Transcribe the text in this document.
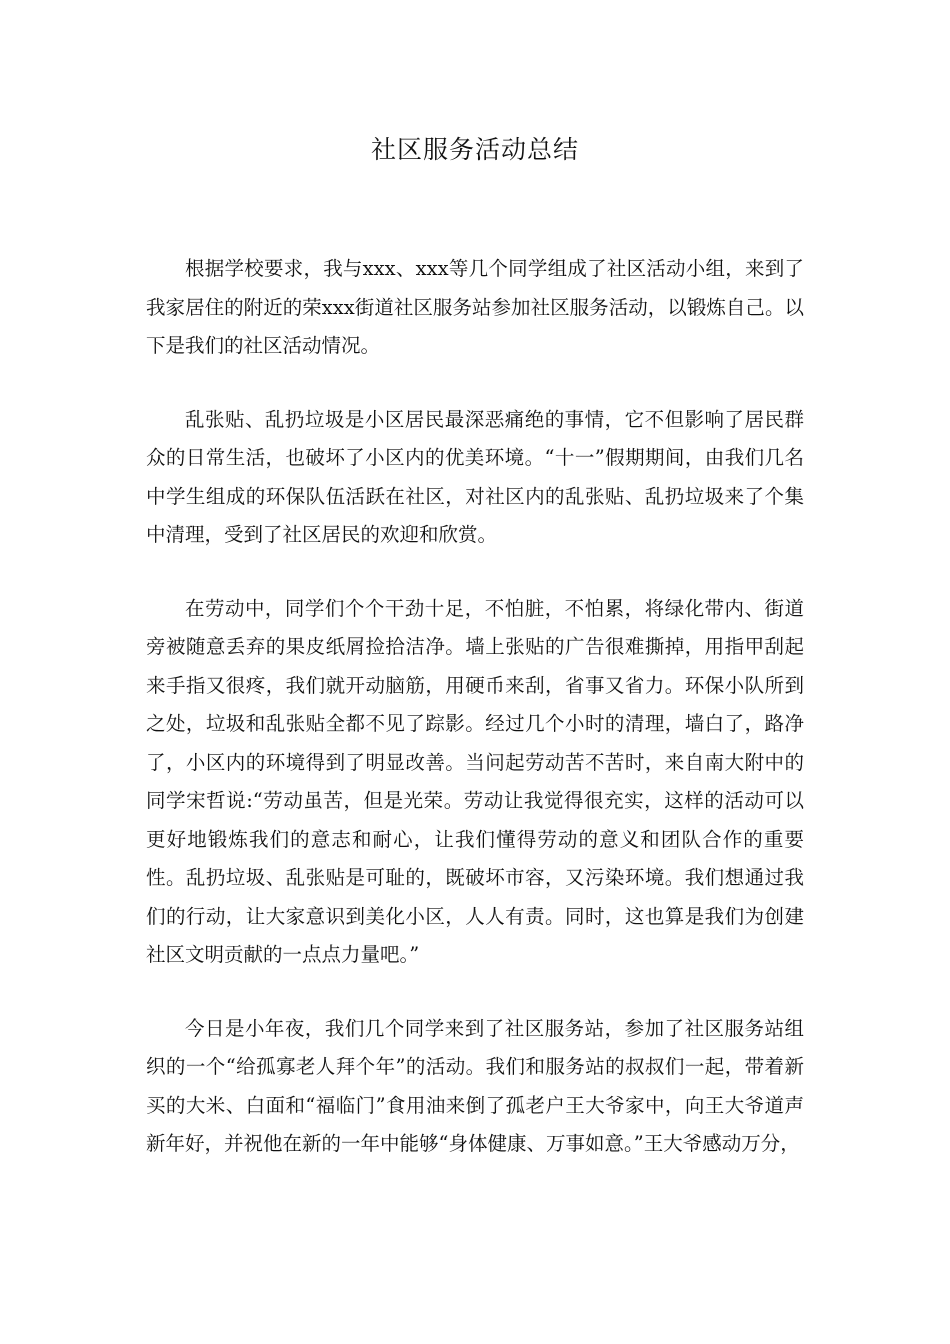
社区服务活动总结

根据学校要求，我与xxx、xxx等几个同学组成了社区活动小组，来到了我家居住的附近的荣xxx街道社区服务站参加社区服务活动，以锻炼自己。以下是我们的社区活动情况。

乱张贴、乱扔垃圾是小区居民最深恶痛绝的事情，它不但影响了居民群众的日常生活，也破坏了小区内的优美环境。“十一”假期期间，由我们几名中学生组成的环保队伍活跃在社区，对社区内的乱张贴、乱扔垃圾来了个集中清理，受到了社区居民的欢迎和欣赏。

在劳动中，同学们个个干劲十足，不怕脏，不怕累，将绿化带内、街道旁被随意丢弃的果皮纸屑捡拾洁净。墙上张贴的广告很难撕掉，用指甲刮起来手指又很疼，我们就开动脑筋，用硬币来刮，省事又省力。环保小队所到之处，垃圾和乱张贴全都不见了踪影。经过几个小时的清理，墙白了，路净了，小区内的环境得到了明显改善。当问起劳动苦不苦时，来自南大附中的同学宋哲说:“劳动虽苦，但是光荣。劳动让我觉得很充实，这样的活动可以更好地锻炼我们的意志和耐心，让我们懂得劳动的意义和团队合作的重要性。乱扔垃圾、乱张贴是可耻的，既破坏市容，又污染环境。我们想通过我们的行动，让大家意识到美化小区，人人有责。同时，这也算是我们为创建社区文明贡献的一点点力量吧。”

今日是小年夜，我们几个同学来到了社区服务站，参加了社区服务站组织的一个“给孤寡老人拜个年”的活动。我们和服务站的叔叔们一起，带着新买的大米、白面和“福临门”食用油来倒了孤老户王大爷家中，向王大爷道声新年好，并祝他在新的一年中能够“身体健康、万事如意。”王大爷感动万分，
